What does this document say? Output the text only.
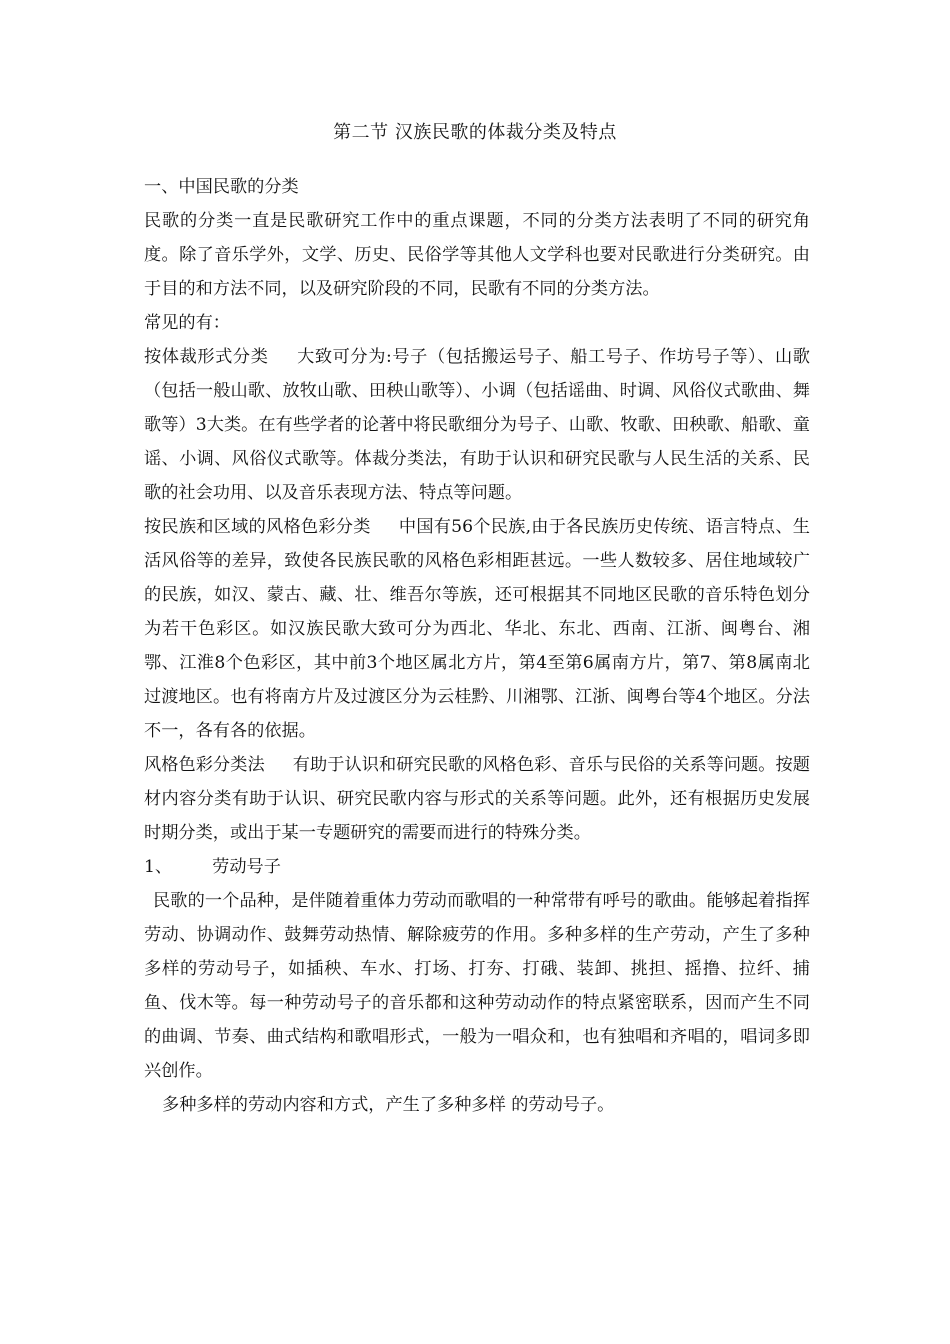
第二节 汉族民歌的体裁分类及特点

一、中国民歌的分类

民歌的分类一直是民歌研究工作中的重点课题，不同的分类方法表明了不同的研究角度。除了音乐学外，文学、历史、民俗学等其他人文学科也要对民歌进行分类研究。由于目的和方法不同，以及研究阶段的不同，民歌有不同的分类方法。

常见的有：

按体裁形式分类 大致可分为:号子（包括搬运号子、船工号子、作坊号子等）、山歌（包括一般山歌、放牧山歌、田秧山歌等）、小调（包括谣曲、时调、风俗仪式歌曲、舞歌等）3大类。在有些学者的论著中将民歌细分为号子、山歌、牧歌、田秧歌、船歌、童谣、小调、风俗仪式歌等。体裁分类法，有助于认识和研究民歌与人民生活的关系、民歌的社会功用、以及音乐表现方法、特点等问题。

按民族和区域的风格色彩分类 中国有56个民族,由于各民族历史传统、语言特点、生活风俗等的差异，致使各民族民歌的风格色彩相距甚远。一些人数较多、居住地域较广的民族，如汉、蒙古、藏、壮、维吾尔等族，还可根据其不同地区民歌的音乐特色划分为若干色彩区。如汉族民歌大致可分为西北、华北、东北、西南、江浙、闽粤台、湘鄂、江淮8个色彩区，其中前3个地区属北方片，第4至第6属南方片，第7、第8属南北过渡地区。也有将南方片及过渡区分为云桂黔、川湘鄂、江浙、闽粤台等4个地区。分法不一，各有各的依据。

风格色彩分类法 有助于认识和研究民歌的风格色彩、音乐与民俗的关系等问题。按题材内容分类有助于认识、研究民歌内容与形式的关系等问题。此外，还有根据历史发展时期分类，或出于某一专题研究的需要而进行的特殊分类。

1、 劳动号子

民歌的一个品种，是伴随着重体力劳动而歌唱的一种常带有呼号的歌曲。能够起着指挥劳动、协调动作、鼓舞劳动热情、解除疲劳的作用。多种多样的生产劳动，产生了多种多样的劳动号子，如插秧、车水、打场、打夯、打硪、装卸、挑担、摇撸、拉纤、捕鱼、伐木等。每一种劳动号子的音乐都和这种劳动动作的特点紧密联系，因而产生不同的曲调、节奏、曲式结构和歌唱形式，一般为一唱众和，也有独唱和齐唱的，唱词多即兴创作。

多种多样的劳动内容和方式，产生了多种多样 的劳动号子。
